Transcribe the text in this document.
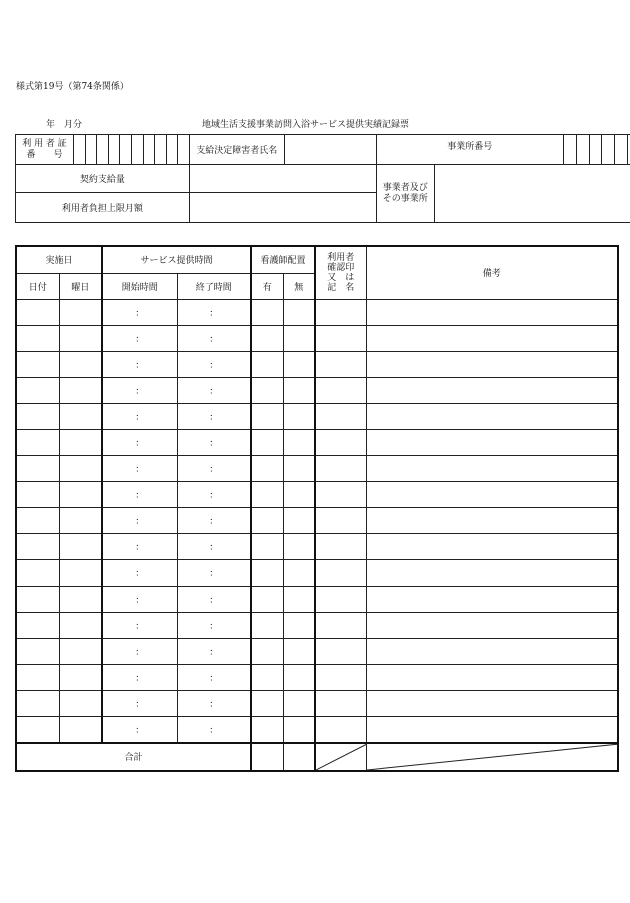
様式第19号（第74条関係）
年　月分	地域生活支援事業訪問入浴サービス提供実績記録票
利 用 者 証
番　　号											支給決定障害者氏名		事業所番号											
契約支給量													事業者及び
その事業所											

利用者負担上限月額																								
実施日		サービス提供時間		看護師配置		利用者
確認印
又　は
記　名	備考
日付	曜日	開始時間	終了時間	有	無		
		：	：				
		：	：				
		：	：				
		：	：				
		：	：				
		：	：				
		：	：				
		：	：				
		：	：				
		：	：				
		：	：				
		：	：				
		：	：				
		：	：				
		：	：				
		：	：				
		：	：				
合計			
